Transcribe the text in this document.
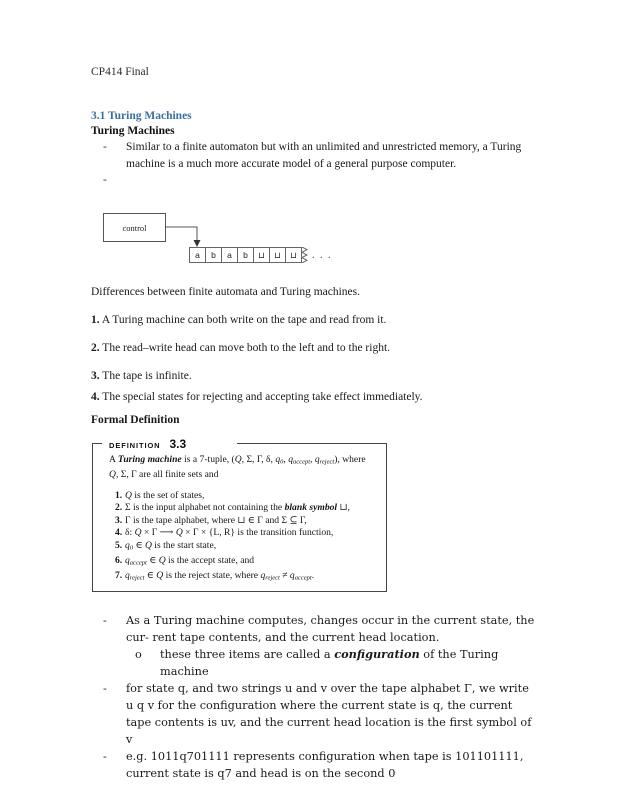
CP414 Final
3.1 Turing Machines
Turing Machines
-	Similar to a finite automaton but with an unlimited and unrestricted memory, a Turing machine is a much more accurate model of a general purpose computer.
-
control
a	b	a	b	⊔	⊔	⊔	. . .
Differences between finite automata and Turing machines.
1. A Turing machine can both write on the tape and read from it.
2. The read–write head can move both to the left and to the right.
3. The tape is infinite.
4. The special states for rejecting and accepting take effect immediately.
Formal Definition
DEFINITION 3.3
A Turing machine is a 7-tuple, (Q, Σ, Γ, δ, $q_0$, $q_{accept}$, $q_{reject}$), where
Q, Σ, Γ are all finite sets and
1. Q is the set of states,
2. Σ is the input alphabet not containing the blank symbol ⊔,
3. Γ is the tape alphabet, where ⊔ ∈ Γ and Σ ⊆ Γ,
4. δ: Q × Γ ⟶ Q × Γ × {L, R} is the transition function,
5. $q_0$ ∈ Q is the start state,
6. $q_{accept}$ ∈ Q is the accept state, and
7. $q_{reject}$ ∈ Q is the reject state, where $q_{reject} \ne q_{accept}$.
-	As a Turing machine computes, changes occur in the current state, the cur- rent tape contents, and the current head location.
o	these three items are called a configuration of the Turing machine
-	for state q, and two strings u and v over the tape alphabet Γ, we write u q v for the configuration where the current state is q, the current tape contents is uv, and the current head location is the first symbol of v
-	e.g. 1011q701111 represents configuration when tape is 101101111, current state is q7 and head is on the second 0
